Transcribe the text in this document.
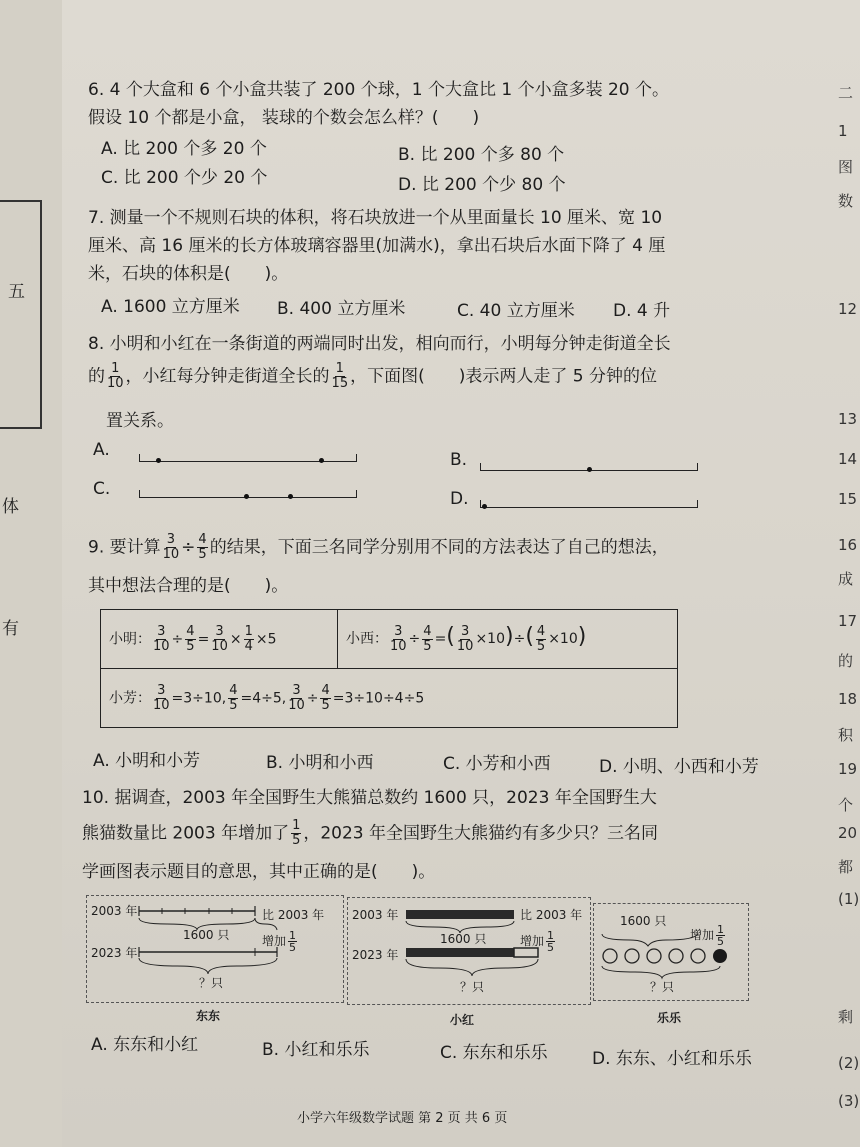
五
体
有
二
1
图
数
12
13
14
15
16
成
17
的
18
积
19
个
20
都
(1)
剩
(2)
(3)
6. 4 个大盒和 6 个小盒共装了 200 个球，1 个大盒比 1 个小盒多装 20 个。
假设 10 个都是小盒， 装球的个数会怎么样？(　　)
A. 比 200 个多 20 个	B. 比 200 个多 80 个
C. 比 200 个少 20 个	D. 比 200 个少 80 个
7. 测量一个不规则石块的体积，将石块放进一个从里面量长 10 厘米、宽 10
厘米、高 16 厘米的长方体玻璃容器里(加满水)，拿出石块后水面下降了 4 厘
米，石块的体积是(　　)。
A. 1600 立方厘米 B. 400 立方厘米	C. 40 立方厘米 D. 4 升
8. 小明和小红在一条街道的两端同时出发，相向而行，小明每分钟走街道全长
的 $\frac{1}{10}$ ，小红每分钟走街道全长的 $\frac{1}{15}$ ，下面图(　　)表示两人走了 5 分钟的位
置关系。
A.	B.
C.	D.
9. 要计算 $\frac{3}{10} \div \frac{4}{5}$ 的结果，下面三名同学分别用不同的方法表达了自己的想法，
其中想法合理的是(　　)。
小明： $\frac{3}{10} \div \frac{4}{5} = \frac{3}{10} \times \frac{1}{4} \times 5$	小西： $\frac{3}{10} \div \frac{4}{5}$ =( $\frac{3}{10} \times 10)\div( \frac{4}{5} \times 10)$
小芳： $\frac{3}{10} =3\div 10$, $\frac{4}{5} =4\div 5$, $\frac{3}{10} \div \frac{4}{5} =3\div 10\div 4\div 5$
A. 小明和小芳	B. 小明和小西	C. 小芳和小西	D. 小明、小西和小芳
10. 据调查，2003 年全国野生大熊猫总数约 1600 只，2023 年全国野生大
熊猫数量比 2003 年增加了 $\frac{1}{5}$ ，2023 年全国野生大熊猫约有多少只？三名同
学画图表示题目的意思，其中正确的是(　　)。
2003 年
1600 只
比 2003 年
增加 $\frac{1}{5}$
2023 年
？只
东东
2003 年
2023 年
1600 只
比 2003 年
增加 $\frac{1}{5}$
？只
小红
1600 只
增加 $\frac{1}{5}$
？只
乐乐
A. 东东和小红	B. 小红和乐乐	C. 东东和乐乐	D. 东东、小红和乐乐
小学六年级数学试题 第 2 页 共 6 页
